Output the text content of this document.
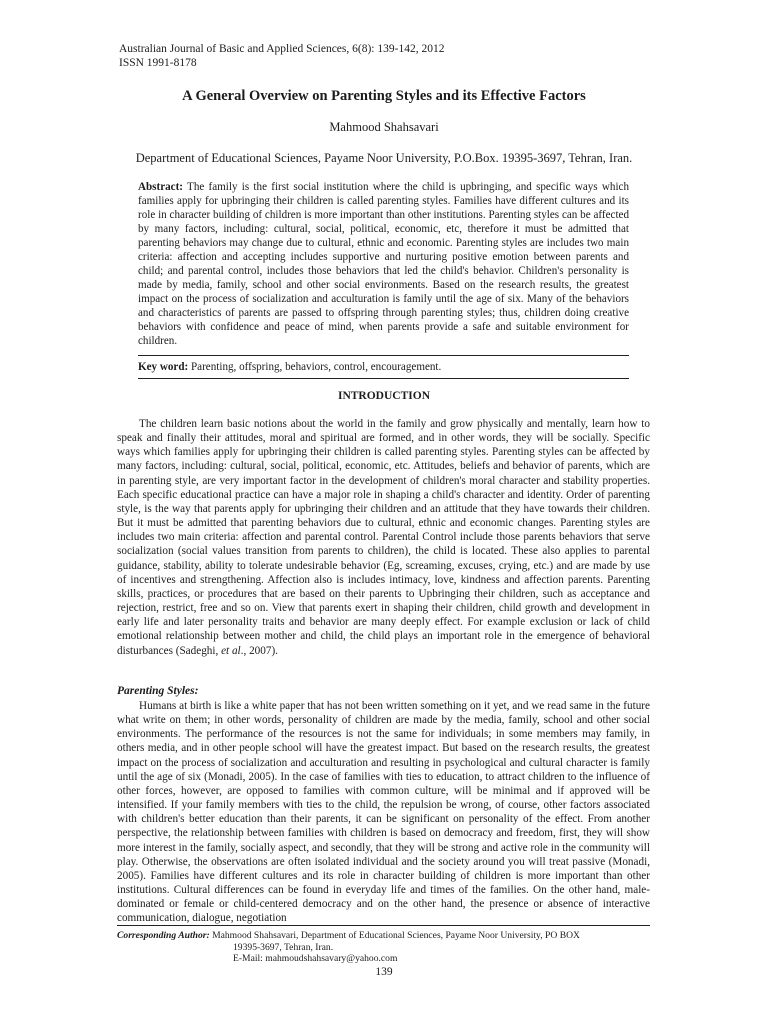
Australian Journal of Basic and Applied Sciences, 6(8): 139-142, 2012
ISSN 1991-8178
A General Overview on Parenting Styles and its Effective Factors
Mahmood Shahsavari
Department of Educational Sciences, Payame Noor University, P.O.Box. 19395-3697, Tehran, Iran.

Abstract: The family is the first social institution where the child is upbringing, and specific ways which families apply for upbringing their children is called parenting styles. Families have different cultures and its role in character building of children is more important than other institutions. Parenting styles can be affected by many factors, including: cultural, social, political, economic, etc, therefore it must be admitted that parenting behaviors may change due to cultural, ethnic and economic. Parenting styles are includes two main criteria: affection and accepting includes supportive and nurturing positive emotion between parents and child; and parental control, includes those behaviors that led the child's behavior. Children's personality is made by media, family, school and other social environments. Based on the research results, the greatest impact on the process of socialization and acculturation is family until the age of six. Many of the behaviors and characteristics of parents are passed to offspring through parenting styles; thus, children doing creative behaviors with confidence and peace of mind, when parents provide a safe and suitable environment for children.

Key word: Parenting, offspring, behaviors, control, encouragement.

INTRODUCTION

The children learn basic notions about the world in the family and grow physically and mentally, learn how to speak and finally their attitudes, moral and spiritual are formed, and in other words, they will be socially. Specific ways which families apply for upbringing their children is called parenting styles. Parenting styles can be affected by many factors, including: cultural, social, political, economic, etc. Attitudes, beliefs and behavior of parents, which are in parenting style, are very important factor in the development of children's moral character and stability properties. Each specific educational practice can have a major role in shaping a child's character and identity. Order of parenting style, is the way that parents apply for upbringing their children and an attitude that they have towards their children. But it must be admitted that parenting behaviors due to cultural, ethnic and economic changes. Parenting styles are includes two main criteria: affection and parental control. Parental Control include those parents behaviors that serve socialization (social values transition from parents to children), the child is located. These also applies to parental guidance, stability, ability to tolerate undesirable behavior (Eg, screaming, excuses, crying, etc.) and are made by use of incentives and strengthening. Affection also is includes intimacy, love, kindness and affection parents. Parenting skills, practices, or procedures that are based on their parents to Upbringing their children, such as acceptance and rejection, restrict, free and so on. View that parents exert in shaping their children, child growth and development in early life and later personality traits and behavior are many deeply effect. For example exclusion or lack of child emotional relationship between mother and child, the child plays an important role in the emergence of behavioral disturbances (Sadeghi, et al., 2007).

Parenting Styles:

Humans at birth is like a white paper that has not been written something on it yet, and we read same in the future what write on them; in other words, personality of children are made by the media, family, school and other social environments. The performance of the resources is not the same for individuals; in some members may family, in others media, and in other people school will have the greatest impact. But based on the research results, the greatest impact on the process of socialization and acculturation and resulting in psychological and cultural character is family until the age of six (Monadi, 2005). In the case of families with ties to education, to attract children to the influence of other forces, however, are opposed to families with common culture, will be minimal and if approved will be intensified. If your family members with ties to the child, the repulsion be wrong, of course, other factors associated with children's better education than their parents, it can be significant on personality of the effect. From another perspective, the relationship between families with children is based on democracy and freedom, first, they will show more interest in the family, socially aspect, and secondly, that they will be strong and active role in the community will play. Otherwise, the observations are often isolated individual and the society around you will treat passive (Monadi, 2005). Families have different cultures and its role in character building of children is more important than other institutions. Cultural differences can be found in everyday life and times of the families. On the other hand, male-dominated or female or child-centered democracy and on the other hand, the presence or absence of interactive communication, dialogue, negotiation

Corresponding Author: Mahmood Shahsavari, Department of Educational Sciences, Payame Noor University, PO BOX
19395-3697, Tehran, Iran.
E-Mail: mahmoudshahsavary@yahoo.com
139
